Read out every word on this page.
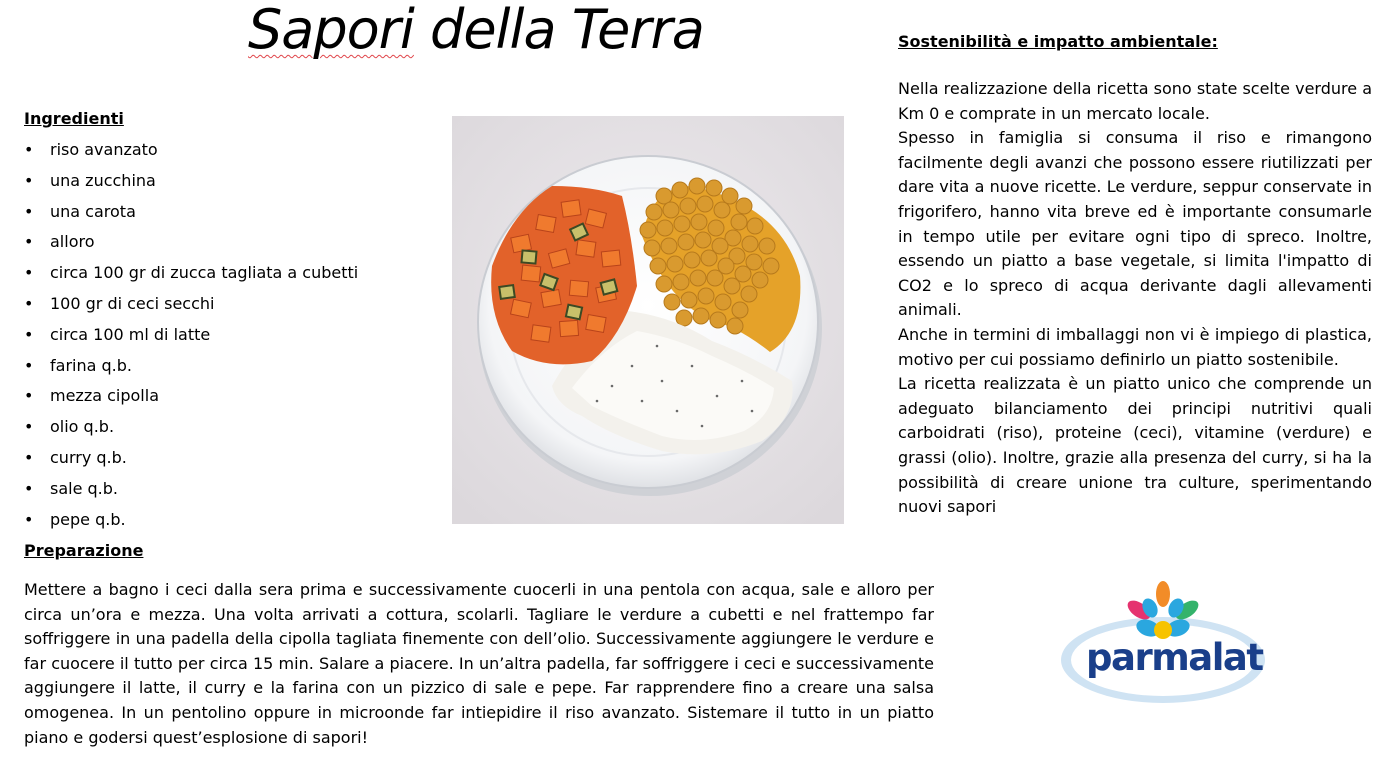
Sapori della Terra
Ingredienti
• riso avanzato
• una zucchina
• una carota
• alloro
• circa 100 gr di zucca tagliata a cubetti
• 100 gr di ceci secchi
• circa 100 ml di latte
• farina q.b.
• mezza cipolla
• olio q.b.
• curry q.b.
• sale q.b.
• pepe q.b.
Preparazione

Mettere a bagno i ceci dalla sera prima e successivamente cuocerli in una pentola con acqua, sale e alloro per circa un’ora e mezza. Una volta arrivati a cottura, scolarli. Tagliare le verdure a cubetti e nel frattempo far soffriggere in una padella della cipolla tagliata finemente con dell’olio. Successivamente aggiungere le verdure e far cuocere il tutto per circa 15 min. Salare a piacere. In un’altra padella, far soffriggere i ceci e successivamente aggiungere il latte, il curry e la farina con un pizzico di sale e pepe. Far rapprendere fino a creare una salsa omogenea. In un pentolino oppure in microonde far intiepidire il riso avanzato. Sistemare il tutto in un piatto piano e godersi quest’esplosione di sapori!

Sostenibilità e impatto ambientale:

Nella realizzazione della ricetta sono state scelte verdure a Km 0 e comprate in un mercato locale.

Spesso in famiglia si consuma il riso e rimangono facilmente degli avanzi che possono essere riutilizzati per dare vita a nuove ricette. Le verdure, seppur conservate in frigorifero, hanno vita breve ed è importante consumarle in tempo utile per evitare ogni tipo di spreco. Inoltre, essendo un piatto a base vegetale, si limita l'impatto di CO2 e lo spreco di acqua derivante dagli allevamenti animali.

Anche in termini di imballaggi non vi è impiego di plastica, motivo per cui possiamo definirlo un piatto sostenibile.

La ricetta realizzata è un piatto unico che comprende un adeguato bilanciamento dei principi nutritivi quali carboidrati (riso), proteine (ceci), vitamine (verdure) e grassi (olio). Inoltre, grazie alla presenza del curry, si ha la possibilità di creare unione tra culture, sperimentando nuovi sapori

parmalat
